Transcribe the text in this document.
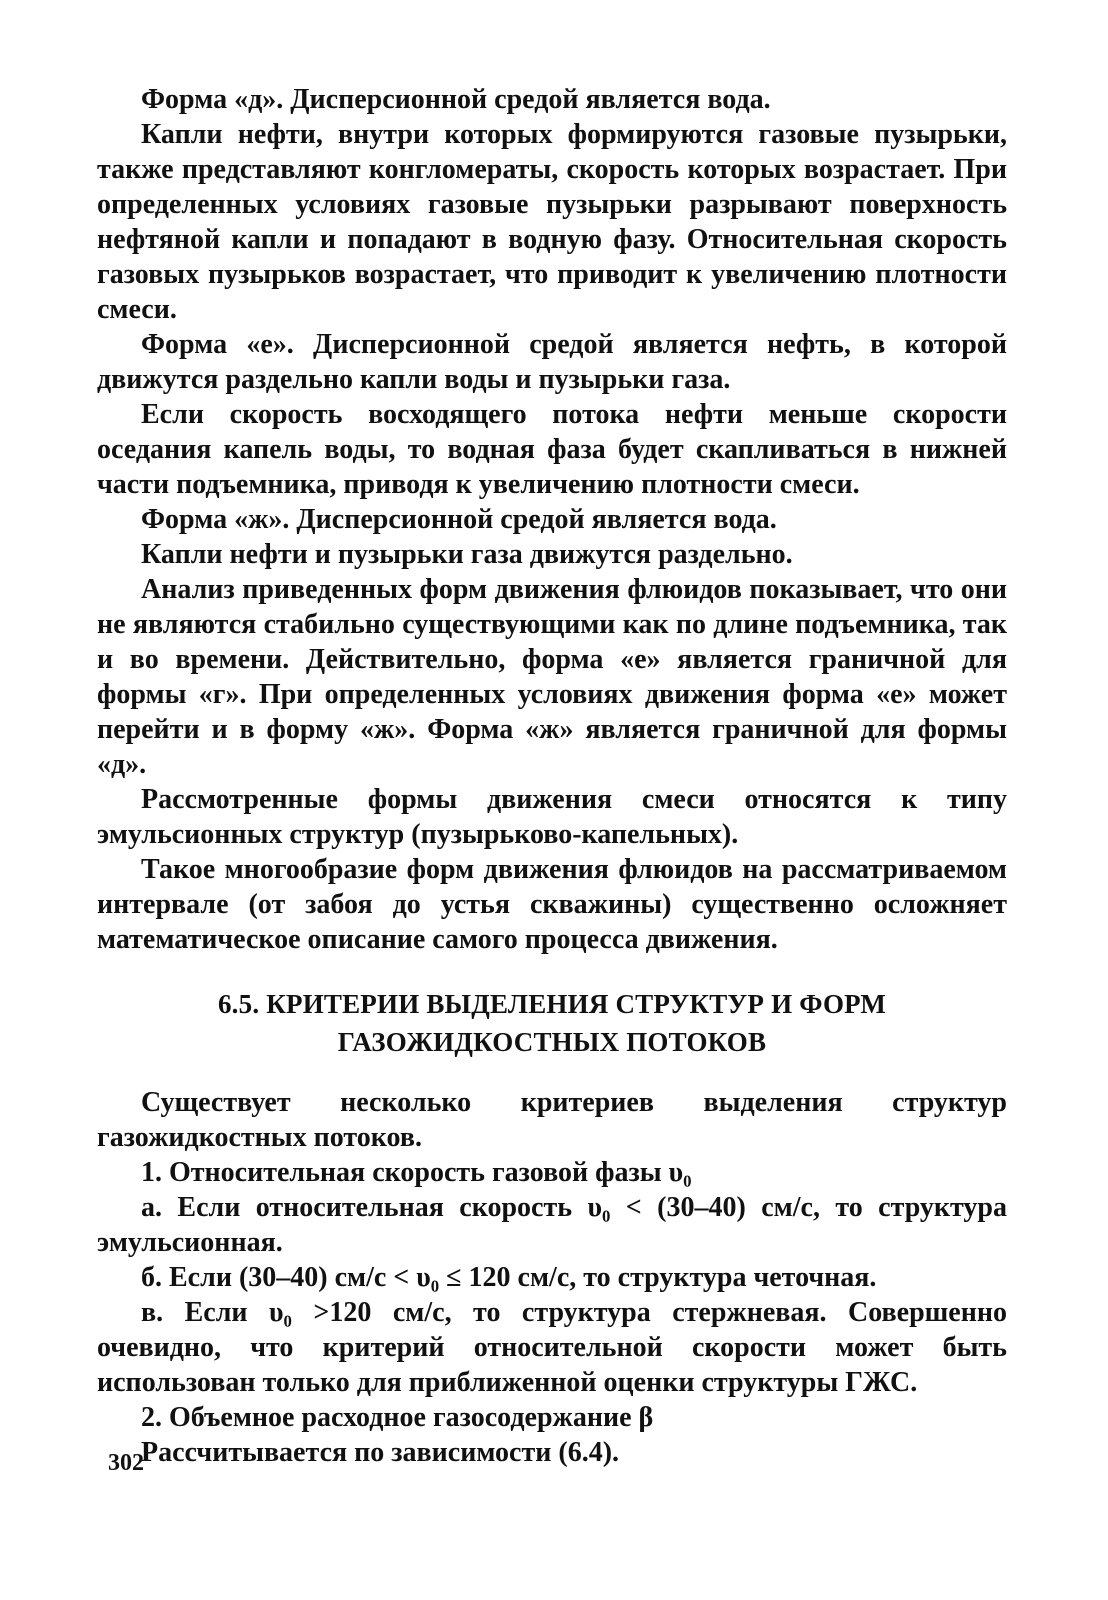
Форма «д». Дисперсионной средой является вода.

Капли нефти, внутри которых формируются газовые пузырьки, также представляют конгломераты, скорость которых возрастает. При определенных условиях газовые пузырьки разрывают поверхность нефтяной капли и попадают в водную фазу. Относительная скорость газовых пузырьков возрастает, что приводит к увеличению плотности смеси.

Форма «е». Дисперсионной средой является нефть, в которой движутся раздельно капли воды и пузырьки газа.

Если скорость восходящего потока нефти меньше скорости оседания капель воды, то водная фаза будет скапливаться в нижней части подъемника, приводя к увеличению плотности смеси.

Форма «ж». Дисперсионной средой является вода.

Капли нефти и пузырьки газа движутся раздельно.

Анализ приведенных форм движения флюидов показывает, что они не являются стабильно существующими как по длине подъемника, так и во времени. Действительно, форма «е» является граничной для формы «г». При определенных условиях движения форма «е» может перейти и в форму «ж». Форма «ж» является граничной для формы «д».

Рассмотренные формы движения смеси относятся к типу эмульсионных структур (пузырьково-капельных).

Такое многообразие форм движения флюидов на рассматриваемом интервале (от забоя до устья скважины) существенно осложняет математическое описание самого процесса движения.

6.5. КРИТЕРИИ ВЫДЕЛЕНИЯ СТРУКТУР И ФОРМ
ГАЗОЖИДКОСТНЫХ ПОТОКОВ

Существует несколько критериев выделения структур газожидкостных потоков.

1. Относительная скорость газовой фазы υ₀

а. Если относительная скорость υ₀ < (30–40) см/с, то структура эмульсионная.

б. Если (30–40) см/с < υ₀ ≤ 120 см/с, то структура четочная.

в. Если υ₀ >120 см/с, то структура стержневая. Совершенно очевидно, что критерий относительной скорости может быть использован только для приближенной оценки структуры ГЖС.

2. Объемное расходное газосодержание β

Рассчитывается по зависимости (6.4).

302
